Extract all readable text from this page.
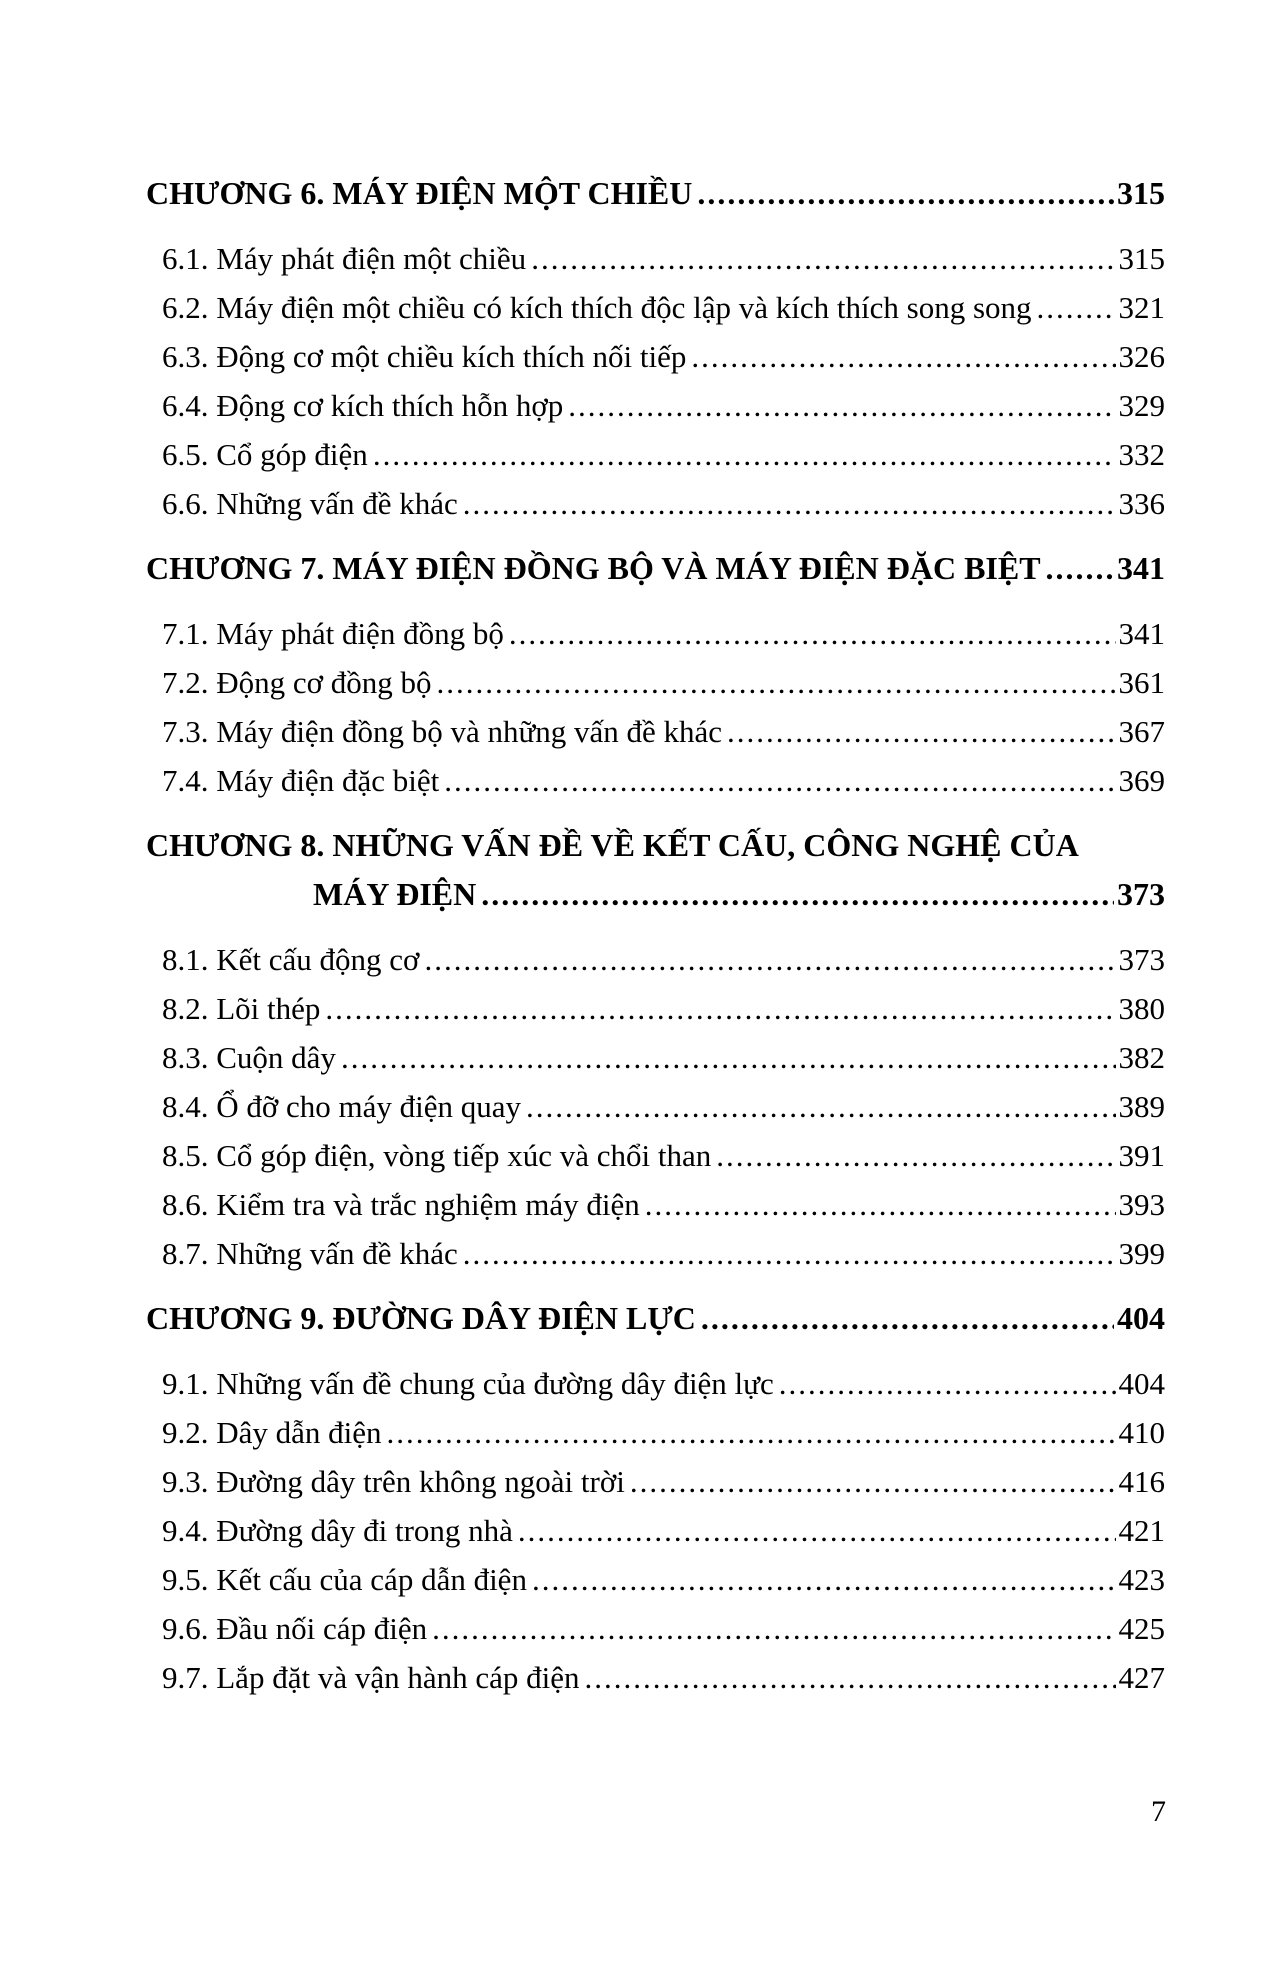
CHƯƠNG 6. MÁY ĐIỆN MỘT CHIỀU .....	315
6.1. Máy phát điện một chiều .....	315
6.2. Máy điện một chiều có kích thích độc lập và kích thích song song .....	321
6.3. Động cơ một chiều kích thích nối tiếp .....	326
6.4. Động cơ kích thích hỗn hợp .....	329
6.5. Cổ góp điện .....	332
6.6. Những vấn đề khác .....	336
CHƯƠNG 7. MÁY ĐIỆN ĐỒNG BỘ VÀ MÁY ĐIỆN ĐẶC BIỆT ..... 341
7.1. Máy phát điện đồng bộ .....	341
7.2. Động cơ đồng bộ .....	361
7.3. Máy điện đồng bộ và những vấn đề khác .....	367
7.4. Máy điện đặc biệt .....	369
CHƯƠNG 8. NHỮNG VẤN ĐỀ VỀ KẾT CẤU, CÔNG NGHỆ CỦA
MÁY ĐIỆN .....	373
8.1. Kết cấu động cơ .....	373
8.2. Lõi thép .....	380
8.3. Cuộn dây .....	382
8.4. Ổ đỡ cho máy điện quay .....	389
8.5. Cổ góp điện, vòng tiếp xúc và chổi than .....	391
8.6. Kiểm tra và trắc nghiệm máy điện .....	393
8.7. Những vấn đề khác .....	399
CHƯƠNG 9. ĐƯỜNG DÂY ĐIỆN LỰC .....	404
9.1. Những vấn đề chung của đường dây điện lực .....	404
9.2. Dây dẫn điện .....	410
9.3. Đường dây trên không ngoài trời .....	416
9.4. Đường dây đi trong nhà .....	421
9.5. Kết cấu của cáp dẫn điện .....	423
9.6. Đầu nối cáp điện .....	425
9.7. Lắp đặt và vận hành cáp điện .....	427
7
